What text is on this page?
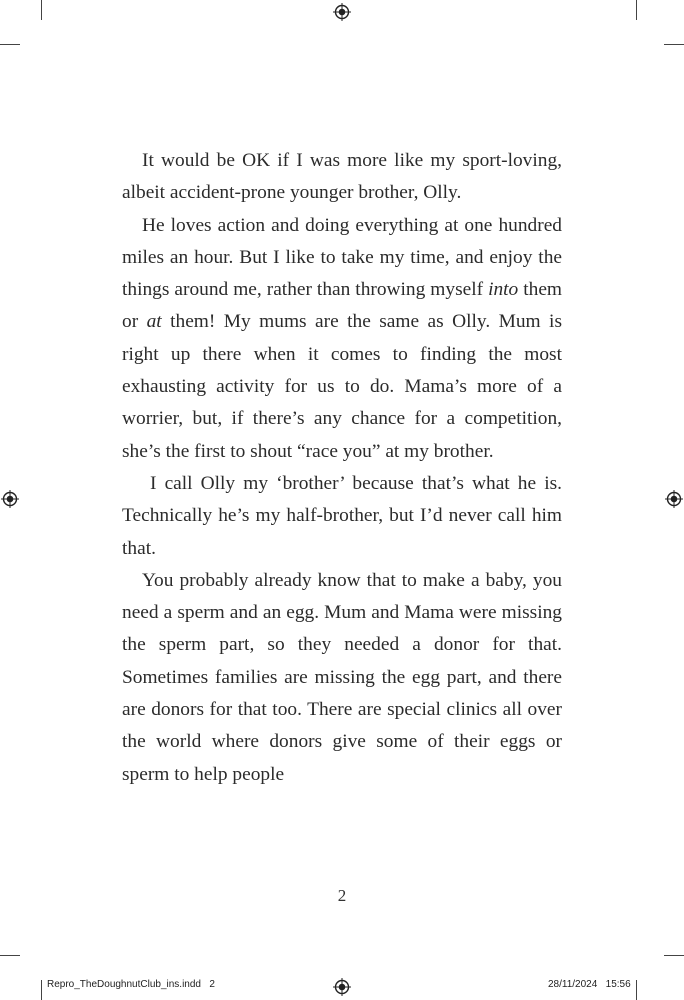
It would be OK if I was more like my sport-loving, albeit accident-prone younger brother, Olly.

He loves action and doing everything at one hundred miles an hour. But I like to take my time, and enjoy the things around me, rather than throwing myself into them or at them! My mums are the same as Olly. Mum is right up there when it comes to finding the most exhausting activity for us to do. Mama’s more of a worrier, but, if there’s any chance for a competition, she’s the first to shout “race you” at my brother.

I call Olly my ‘brother’ because that’s what he is. Technically he’s my half-brother, but I’d never call him that.

You probably already know that to make a baby, you need a sperm and an egg. Mum and Mama were missing the sperm part, so they needed a donor for that. Sometimes families are missing the egg part, and there are donors for that too. There are special clinics all over the world where donors give some of their eggs or sperm to help people

2
Repro_TheDoughnutClub_ins.indd   2	28/11/2024   15:56
